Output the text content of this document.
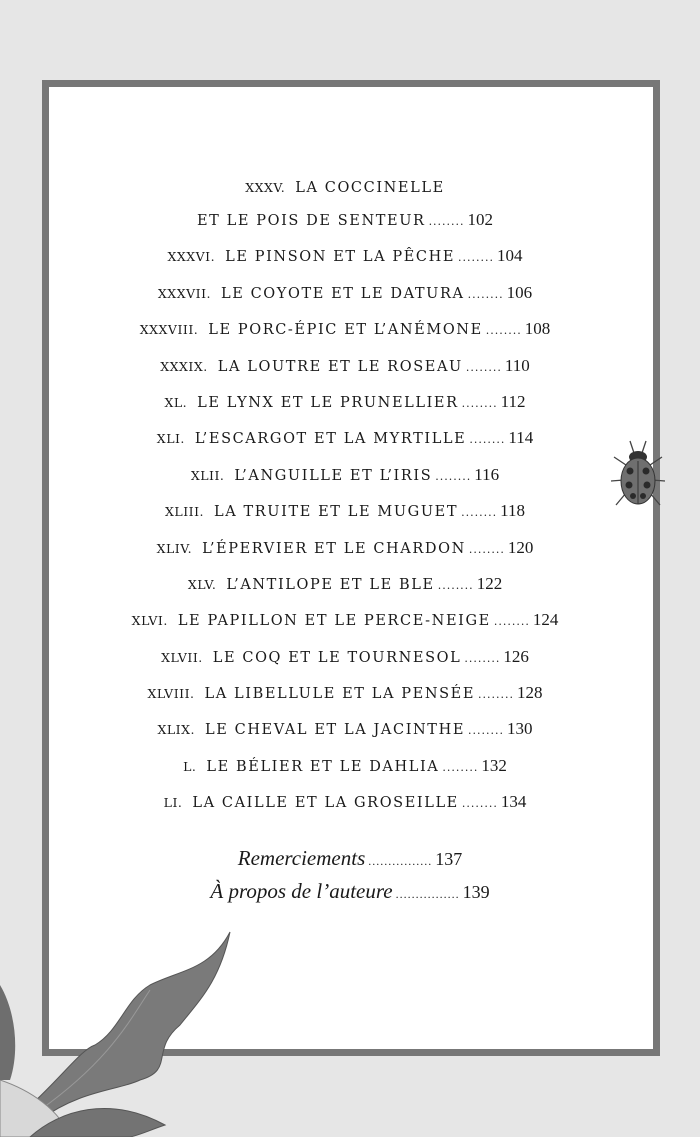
XXXV. LA COCCINELLE
ET LE POIS DE SENTEUR ........ 102
XXXVI. LE PINSON ET LA PÊCHE ........ 104
XXXVII. LE COYOTE ET LE DATURA ........ 106
XXXVIII. LE PORC-ÉPIC ET L’ANÉMONE ........ 108
XXXIX. LA LOUTRE ET LE ROSEAU ........ 110
XL. LE LYNX ET LE PRUNELLIER ........ 112
XLI. L’ESCARGOT ET LA MYRTILLE ........ 114
XLII. L’ANGUILLE ET L’IRIS ........ 116
XLIII. LA TRUITE ET LE MUGUET ........ 118
XLIV. L’ÉPERVIER ET LE CHARDON ........ 120
XLV. L’ANTILOPE ET LE BLE ........ 122
XLVI. LE PAPILLON ET LE PERCE-NEIGE ........ 124
XLVII. LE COQ ET LE TOURNESOL ........ 126
XLVIII. LA LIBELLULE ET LA PENSÉE ........ 128
XLIX. LE CHEVAL ET LA JACINTHE ........ 130
L. LE BÉLIER ET LE DAHLIA ........ 132
LI. LA CAILLE ET LA GROSEILLE ........ 134
Remerciements ................ 137
À propos de l’auteure ................ 139
